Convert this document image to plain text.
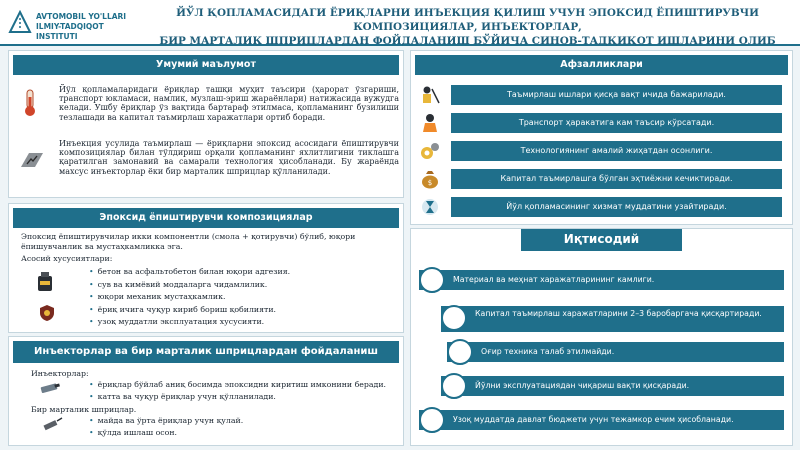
AVTOMOBIL YO'LLARI
ILMIY-TADQIQOT INSTITUTI
ЙЎЛ ҚОПЛАМАСИДАГИ ЁРИҚЛАРНИ ИНЪЕКЦИЯ ҚИЛИШ УЧУН ЭПОКСИД ЁПИШТИРУВЧИ КОМПОЗИЦИЯЛАР, ИНЪЕКТОРЛАР,
БИР МАРТАЛИК ШПРИЦЛАРДАН ФОЙДАЛАНИШ БЎЙИЧА СИНОВ-ТАДҚИҚОТ ИШЛАРИНИ ОЛИБ
Умумий маълумот
Йўл қопламаларидаги ёриқлар ташқи муҳит таъсири (ҳарорат ўзгариши, транспорт юкламаси, намлик, музлаш-эриш жараёнлари) натижасида вужудга келади. Ушбу ёриқлар ўз вақтида бартараф этилмаса, қопламанинг бузилиши тезлашади ва капитал таъмирлаш харажатлари ортиб боради.
Инъекция усулида таъмирлаш — ёриқларни эпоксид асосидаги ёпиштирувчи композициялар билан тўлдириш орқали қопламанинг яхлитлигини тиклашга қаратилган замонавий ва самарали технология ҳисобланади. Бу жараёнда махсус инъекторлар ёки бир марталик шприцлар қўлланилади.
Эпоксид ёпиштирувчи композициялар
Эпоксид ёпиштирувчилар икки компонентли (смола + қотирувчи) бўлиб, юқори ёпишувчанлик ва мустаҳкамликка эга.
Асосий хусусиятлари:
• бетон ва асфальтобетон билан юқори адгезия.
• сув ва кимёвий моддаларга чидамлилик.
• юқори механик мустаҳкамлик.
• ёриқ ичига чуқур кириб бориш қобилияти.
• узоқ муддатли эксплуатация хусусияти.
Инъекторлар ва бир марталик шприцлардан фойдаланиш
Инъекторлар:
• ёриқлар бўйлаб аниқ босимда эпоксидни киритиш имконини беради.
• катта ва чуқур ёриқлар учун қўлланилади.
Бир марталик шприцлар.
• майда ва ўрта ёриқлар учун қулай.
• қўлда ишлаш осон.
Афзалликлари
Таъмирлаш ишлари қисқа вақт ичида бажарилади.
Транспорт ҳаракатига кам таъсир кўрсатади.
Технологиянинг амалий жиҳатдан осонлиги.
$	Капитал таъмирлашга бўлган эҳтиёжни кечиктиради.
Йўл қопламасининг хизмат муддатини узайтиради.
Иқтисодий
Материал ва меҳнат харажатларининг камлиги.
Капитал таъмирлаш харажатларини 2–3 баробаргача қисқартиради.
Оғир техника талаб этилмайди.
Йўлни эксплуатациядан чиқариш вақти қисқаради.
Узоқ муддатда давлат бюджети учун тежамкор ечим ҳисобланади.
